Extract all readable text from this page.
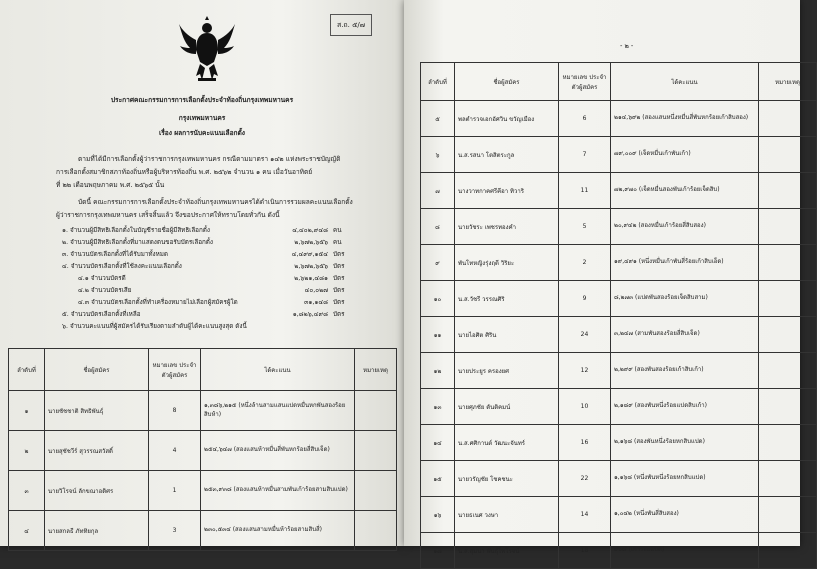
ส.ถ. ๕/๗
ประกาศคณะกรรมการการเลือกตั้งประจำท้องถิ่นกรุงเทพมหานคร
กรุงเทพมหานคร
เรื่อง ผลการนับคะแนนเลือกตั้ง
ตามที่ได้มีการเลือกตั้งผู้ว่าราชการกรุงเทพมหานคร กรณีตามมาตรา ๑๔๒ แห่งพระราชบัญญัติ
การเลือกตั้งสมาชิกสภาท้องถิ่นหรือผู้บริหารท้องถิ่น พ.ศ. ๒๕๖๒ จำนวน ๑ คน เมื่อวันอาทิตย์
ที่ ๒๒ เดือนพฤษภาคม พ.ศ. ๒๕๖๕ นั้น
บัดนี้ คณะกรรมการการเลือกตั้งประจำท้องถิ่นกรุงเทพมหานครได้ดำเนินการรวมผลคะแนนเลือกตั้ง
ผู้ว่าราชการกรุงเทพมหานคร เสร็จสิ้นแล้ว จึงขอประกาศให้ทราบโดยทั่วกัน ดังนี้
๑. จำนวนผู้มีสิทธิเลือกตั้งในบัญชีรายชื่อผู้มีสิทธิเลือกตั้ง	๔,๔๐๒,๙๔๘ คน
๒. จำนวนผู้มีสิทธิเลือกตั้งที่มาแสดงตนขอรับบัตรเลือกตั้ง	๒,๖๗๒,๖๕๖ คน
๓. จำนวนบัตรเลือกตั้งที่ได้รับมาทั้งหมด	๔,๔๙๙,๑๕๔ บัตร
๔. จำนวนบัตรเลือกตั้งที่ใช้ลงคะแนนเลือกตั้ง	๒,๖๗๒,๖๕๖ บัตร
๔.๑ จำนวนบัตรดี	๒,๖๒๑,๔๘๑ บัตร
๔.๒ จำนวนบัตรเสีย	๔๐,๐๒๗ บัตร
๔.๓ จำนวนบัตรเลือกตั้งที่ทำเครื่องหมายไม่เลือกผู้สมัครผู้ใด	๓๑,๑๔๘ บัตร
๕. จำนวนบัตรเลือกตั้งที่เหลือ	๑,๘๒๖,๔๙๘ บัตร
๖. จำนวนคะแนนที่ผู้สมัครได้รับเรียงตามลำดับผู้ได้คะแนนสูงสุด ดังนี้
ลำดับที่	ชื่อผู้สมัคร	หมายเลข ประจำตัวผู้สมัคร	ได้คะแนน	หมายเหตุ
๑	นายชัชชาติ สิทธิพันธุ์	8	๑,๓๘๖,๒๑๕ (หนึ่งล้านสามแสนแปดหมื่นหกพันสองร้อยสิบห้า)	
๒	นายสุชัชวีร์ สุวรรณสวัสดิ์	4	๒๕๔,๖๔๗ (สองแสนห้าหมื่นสี่พันหกร้อยสี่สิบเจ็ด)	
๓	นายวิโรจน์ ลักขณาอดิศร	1	๒๕๓,๙๓๘ (สองแสนห้าหมื่นสามพันเก้าร้อยสามสิบแปด)	
๔	นายสกลธี ภัททิยกุล	3	๒๓๐,๕๓๔ (สองแสนสามหมื่นห้าร้อยสามสิบสี่)	
- ๒ -
ลำดับที่	ชื่อผู้สมัคร	หมายเลข ประจำตัวผู้สมัคร	ได้คะแนน	หมายเหตุ
๕	พลตำรวจเอกอัศวิน ขวัญเมือง	6	๒๑๔,๖๙๒ (สองแสนหนึ่งหมื่นสี่พันหกร้อยเก้าสิบสอง)	
๖	น.ส.รสนา โตสิตระกูล	7	๗๙,๐๐๙ (เจ็ดหมื่นเก้าพันเก้า)	
๗	นางวาทกาคศรีคีอา ทิวาริ	11	๗๒,๙๗๐ (เจ็ดหมื่นสองพันเก้าร้อยเจ็ดสิบ)	
๘	นายวัชระ เพชรทองคำ	5	๒๐,๙๔๒ (สองหมื่นเก้าร้อยสี่สิบสอง)	
๙	พันโทหญิงรุ่งฤดี วิริยะ	2	๑๙,๔๙๑ (หนึ่งหมื่นเก้าพันสี่ร้อยเก้าสิบเอ็ด)	
๑๐	น.ส.วัชรี วรรณศิริ	9	๘,๒๗๓ (แปดพันสองร้อยเจ็ดสิบสาม)	
๑๑	นายไอศิต ศิริน	24	๓,๒๔๗ (สามพันสองร้อยสี่สิบเจ็ด)	
๑๒	นายประยูร ครองยศ	12	๒,๒๙๙ (สองพันสองร้อยเก้าสิบเก้า)	
๑๓	นายศุภชัย ตันติคมน์	10	๒,๑๘๙ (สองพันหนึ่งร้อยแปดสิบเก้า)	
๑๔	น.ส.ศศิกานต์ วัฒนะจันทร์	16	๒,๑๖๘ (สองพันหนึ่งร้อยหกสิบแปด)	
๑๕	นายวรัญชัย โชคชนะ	22	๑,๑๖๘ (หนึ่งพันหนึ่งร้อยหกสิบแปด)	
๑๖	นายธเนศ วงษา	14	๑,๐๔๒ (หนึ่งพันสี่สิบสอง)	
๑๗	น.ส.สุมนา พันธุ์ไพโรจน์	18	๙๐๘ (เก้าร้อยแปด)	
